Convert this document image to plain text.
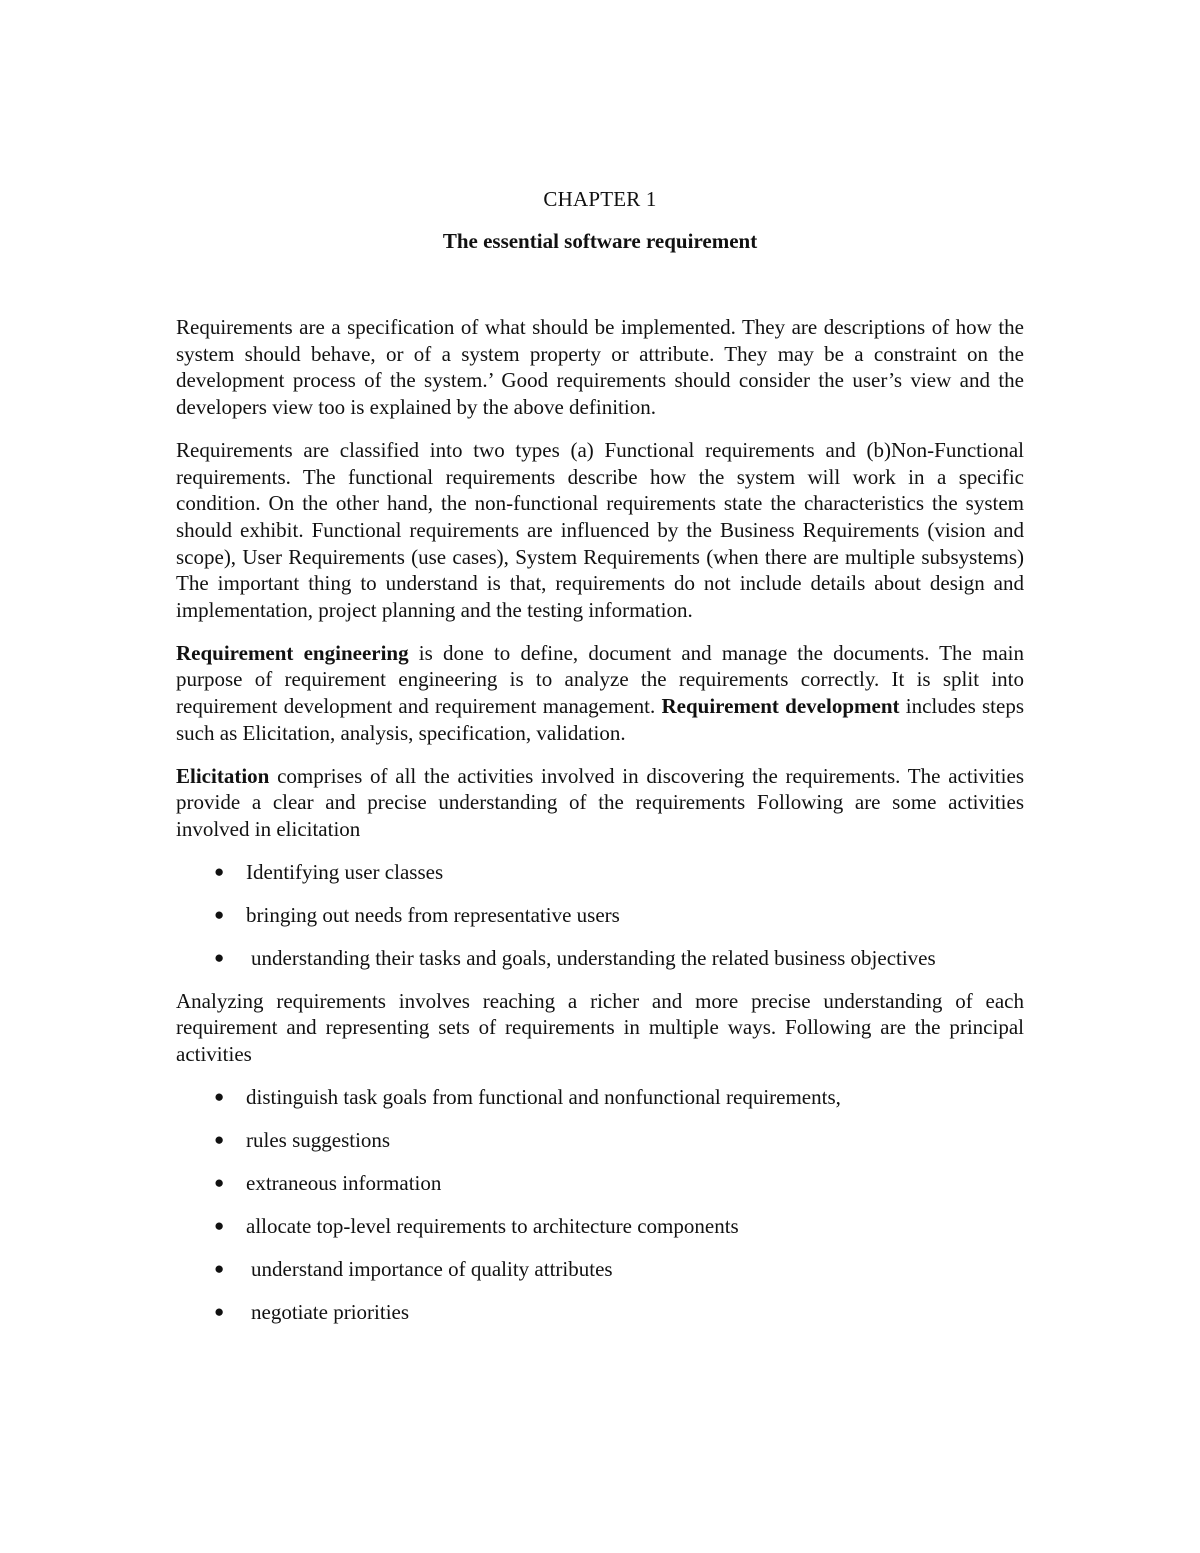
CHAPTER 1
The essential software requirement

Requirements are a specification of what should be implemented. They are descriptions of how the system should behave, or of a system property or attribute. They may be a constraint on the development process of the system.’ Good requirements should consider the user’s view and the developers view too is explained by the above definition.

Requirements are classified into two types (a) Functional requirements and (b)Non-Functional requirements. The functional requirements describe how the system will work in a specific condition. On the other hand, the non-functional requirements state the characteristics the system should exhibit. Functional requirements are influenced by the Business Requirements (vision and scope), User Requirements (use cases), System Requirements (when there are multiple subsystems) The important thing to understand is that, requirements do not include details about design and implementation, project planning and the testing information.

Requirement engineering is done to define, document and manage the documents. The main purpose of requirement engineering is to analyze the requirements correctly. It is split into requirement development and requirement management. Requirement development includes steps such as Elicitation, analysis, specification, validation.

Elicitation comprises of all the activities involved in discovering the requirements. The activities provide a clear and precise understanding of the requirements Following are some activities involved in elicitation

●
Identifying user classes
●
bringing out needs from representative users
●
understanding their tasks and goals, understanding the related business objectives

Analyzing requirements involves reaching a richer and more precise understanding of each requirement and representing sets of requirements in multiple ways. Following are the principal activities

●
distinguish task goals from functional and nonfunctional requirements,
●
rules suggestions
●
extraneous information
●
allocate top-level requirements to architecture components
●
understand importance of quality attributes
●
negotiate priorities
